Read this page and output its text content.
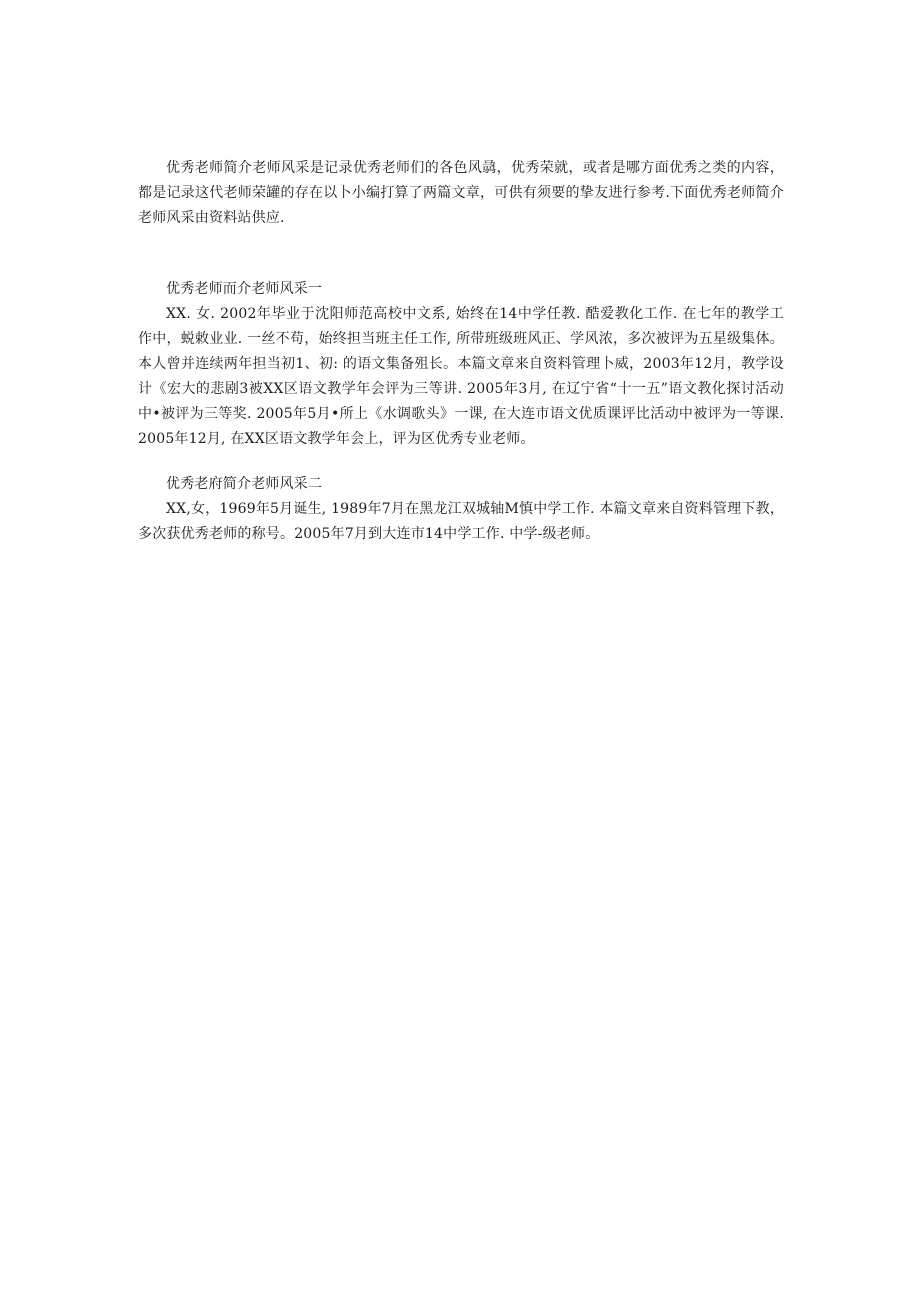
优秀老师简介老师风采是记录优秀老师们的各色风骉，优秀荣就，或者是哪方面优秀之类的内容，都是记录这代老师荣罐的存在以卜小编打算了两篇文章，可供有须要的挚友进行参考.下面优秀老师简介老师风采由资料站供应.

优秀老师而介老师风采一

XX. 女. 2002年毕业于沈阳师范高校中文系, 始终在14中学任教. 酷爱教化工作. 在七年的教学工作中，蜕敕业业. 一丝不苟，始终担当班主任工作, 所带班级班风正、学风浓，多次被评为五星级集体。本人曾并连续两年担当初1、初: 的语文集备殂长。本篇文章来自资料管理卜威，2003年12月，教学设计《宏大的悲剧3被XX区语文教学年会评为三等讲. 2005年3月, 在辽宁省“十一五”语文教化探讨活动中•被评为三等奖. 2005年5月•所上《水调歌头》一课, 在大连市语文优质课评比活动中被评为一等课. 2005年12月, 在XX区语文教学年会上，评为区优秀专业老师。

优秀老府简介老师风采二

XX,女，1969年5月诞生, 1989年7月在黑龙江双城轴M慎中学工作. 本篇文章来自资料管理下教，多次获优秀老师的称号。2005年7月到大连市14中学工作. 中学-级老师。
